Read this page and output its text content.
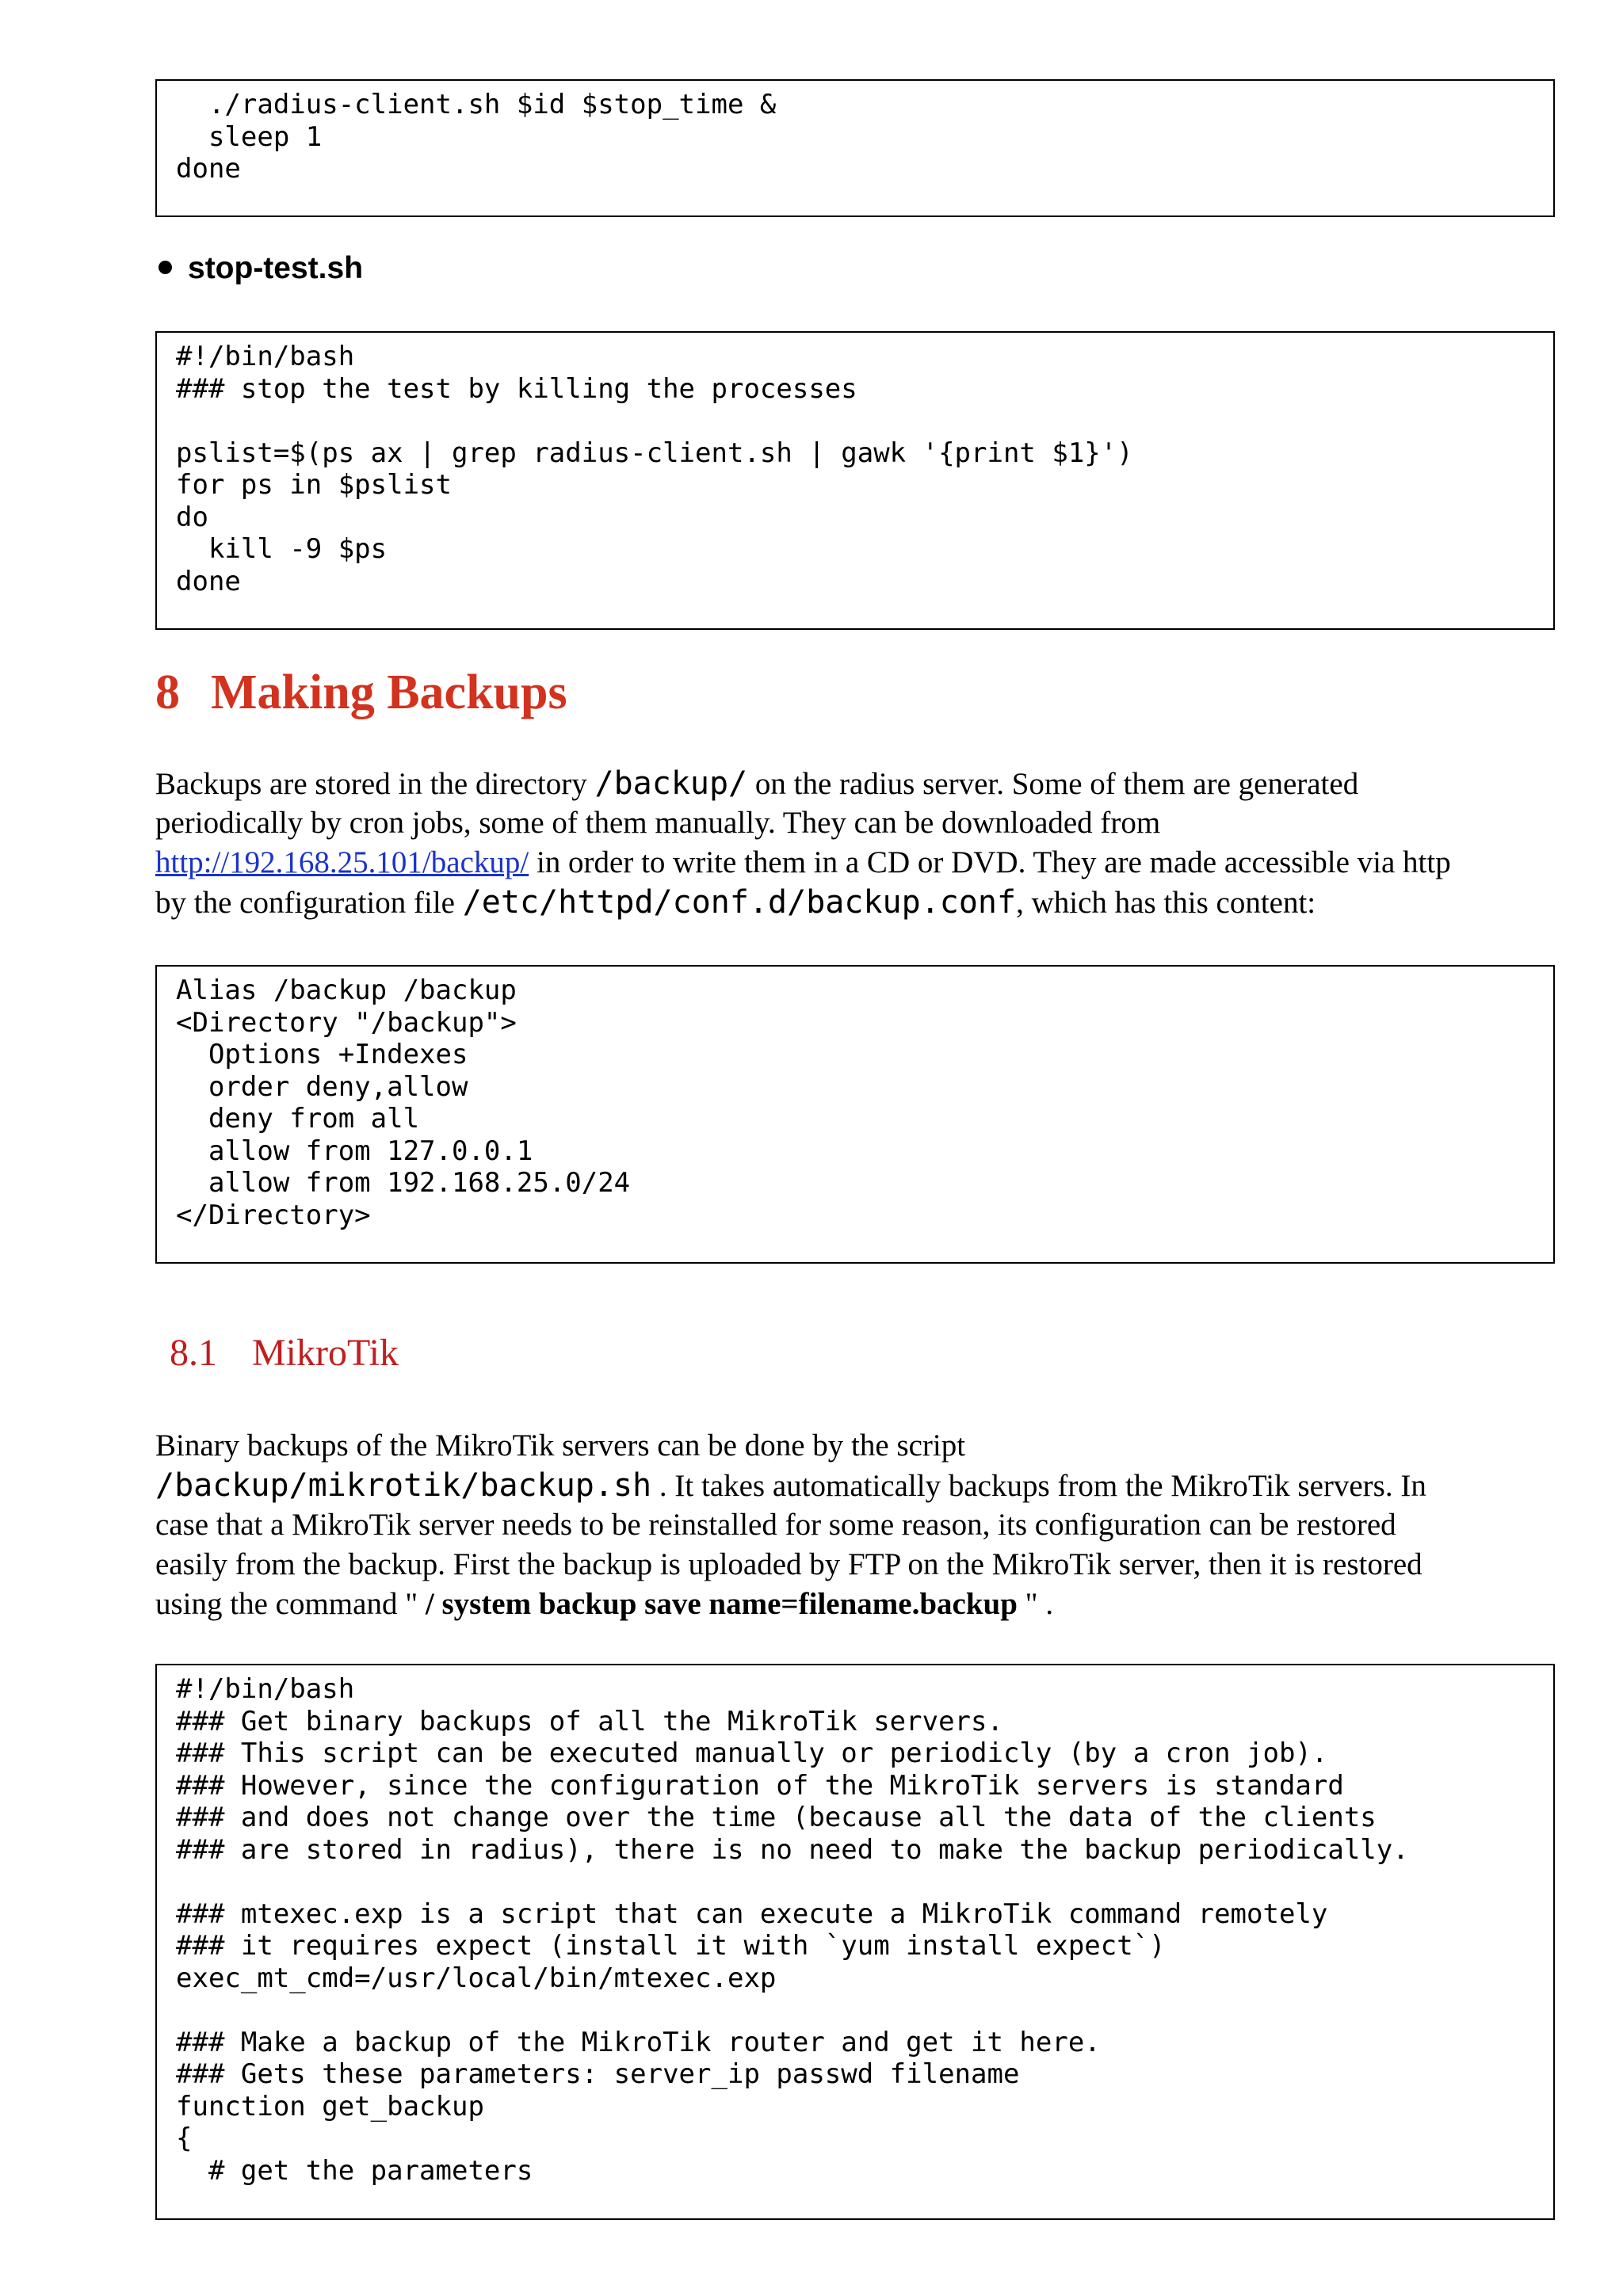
./radius-client.sh $id $stop_time &
sleep 1
done
stop-test.sh
#!/bin/bash
### stop the test by killing the processes

pslist=$(ps ax | grep radius-client.sh | gawk '{print $1}')
for ps in $pslist
do
kill -9 $ps
done
8 Making Backups
Backups are stored in the directory /backup/ on the radius server. Some of them are generated
periodically by cron jobs, some of them manually. They can be downloaded from
http://192.168.25.101/backup/ in order to write them in a CD or DVD. They are made accessible via http
by the configuration file /etc/httpd/conf.d/backup.conf, which has this content:
Alias /backup /backup
<Directory "/backup">
Options +Indexes
order deny,allow
deny from all
allow from 127.0.0.1
allow from 192.168.25.0/24
</Directory>
8.1 MikroTik
Binary backups of the MikroTik servers can be done by the script
/backup/mikrotik/backup.sh . It takes automatically backups from the MikroTik servers. In
case that a MikroTik server needs to be reinstalled for some reason, its configuration can be restored
easily from the backup. First the backup is uploaded by FTP on the MikroTik server, then it is restored
using the command " / system backup save name=filename.backup " .
#!/bin/bash
### Get binary backups of all the MikroTik servers.
### This script can be executed manually or periodicly (by a cron job).
### However, since the configuration of the MikroTik servers is standard
### and does not change over the time (because all the data of the clients
### are stored in radius), there is no need to make the backup periodically.

### mtexec.exp is a script that can execute a MikroTik command remotely
### it requires expect (install it with `yum install expect`)
exec_mt_cmd=/usr/local/bin/mtexec.exp

### Make a backup of the MikroTik router and get it here.
### Gets these parameters: server_ip passwd filename
function get_backup
{
# get the parameters
